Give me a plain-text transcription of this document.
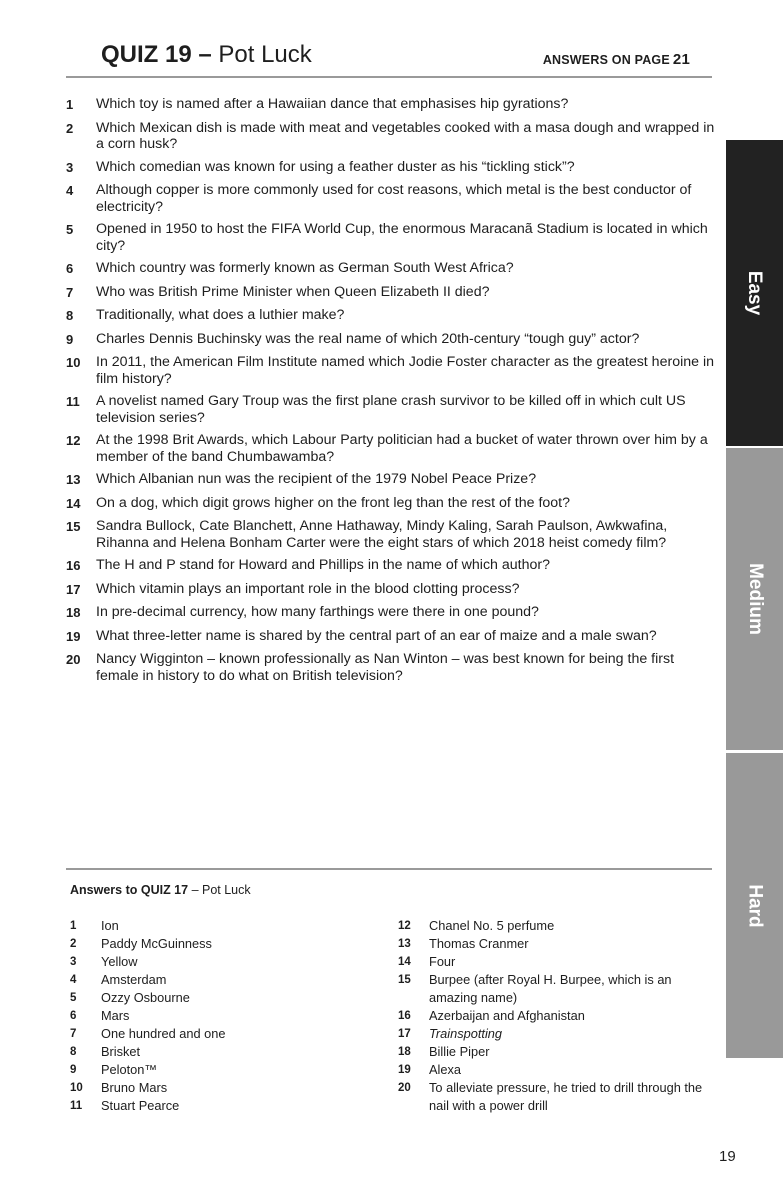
QUIZ 19 – Pot Luck	ANSWERS ON PAGE 21
1	Which toy is named after a Hawaiian dance that emphasises hip gyrations?
2	Which Mexican dish is made with meat and vegetables cooked with a masa dough and wrapped in a corn husk?
3	Which comedian was known for using a feather duster as his “tickling stick”?
4	Although copper is more commonly used for cost reasons, which metal is the best conductor of electricity?
5	Opened in 1950 to host the FIFA World Cup, the enormous Maracanã Stadium is located in which city?
6	Which country was formerly known as German South West Africa?
7	Who was British Prime Minister when Queen Elizabeth II died?
8	Traditionally, what does a luthier make?
9	Charles Dennis Buchinsky was the real name of which 20th-century “tough guy” actor?
10	In 2011, the American Film Institute named which Jodie Foster character as the greatest heroine in film history?
11	A novelist named Gary Troup was the first plane crash survivor to be killed off in which cult US television series?
12	At the 1998 Brit Awards, which Labour Party politician had a bucket of water thrown over him by a member of the band Chumbawamba?
13	Which Albanian nun was the recipient of the 1979 Nobel Peace Prize?
14	On a dog, which digit grows higher on the front leg than the rest of the foot?
15	Sandra Bullock, Cate Blanchett, Anne Hathaway, Mindy Kaling, Sarah Paulson, Awkwafina, Rihanna and Helena Bonham Carter were the eight stars of which 2018 heist comedy film?
16	The H and P stand for Howard and Phillips in the name of which author?
17	Which vitamin plays an important role in the blood clotting process?
18	In pre-decimal currency, how many farthings were there in one pound?
19	What three-letter name is shared by the central part of an ear of maize and a male swan?
20	Nancy Wigginton – known professionally as Nan Winton – was best known for being the first female in history to do what on British television?
Answers to QUIZ 17 – Pot Luck
1	Ion
2	Paddy McGuinness
3	Yellow
4	Amsterdam
5	Ozzy Osbourne
6	Mars
7	One hundred and one
8	Brisket
9	Peloton™
10	Bruno Mars
11	Stuart Pearce
12	Chanel No. 5 perfume
13	Thomas Cranmer
14	Four
15	Burpee (after Royal H. Burpee, which is an amazing name)
16	Azerbaijan and Afghanistan
17	Trainspotting
18	Billie Piper
19	Alexa
20	To alleviate pressure, he tried to drill through the nail with a power drill
Easy
Medium
Hard
19
